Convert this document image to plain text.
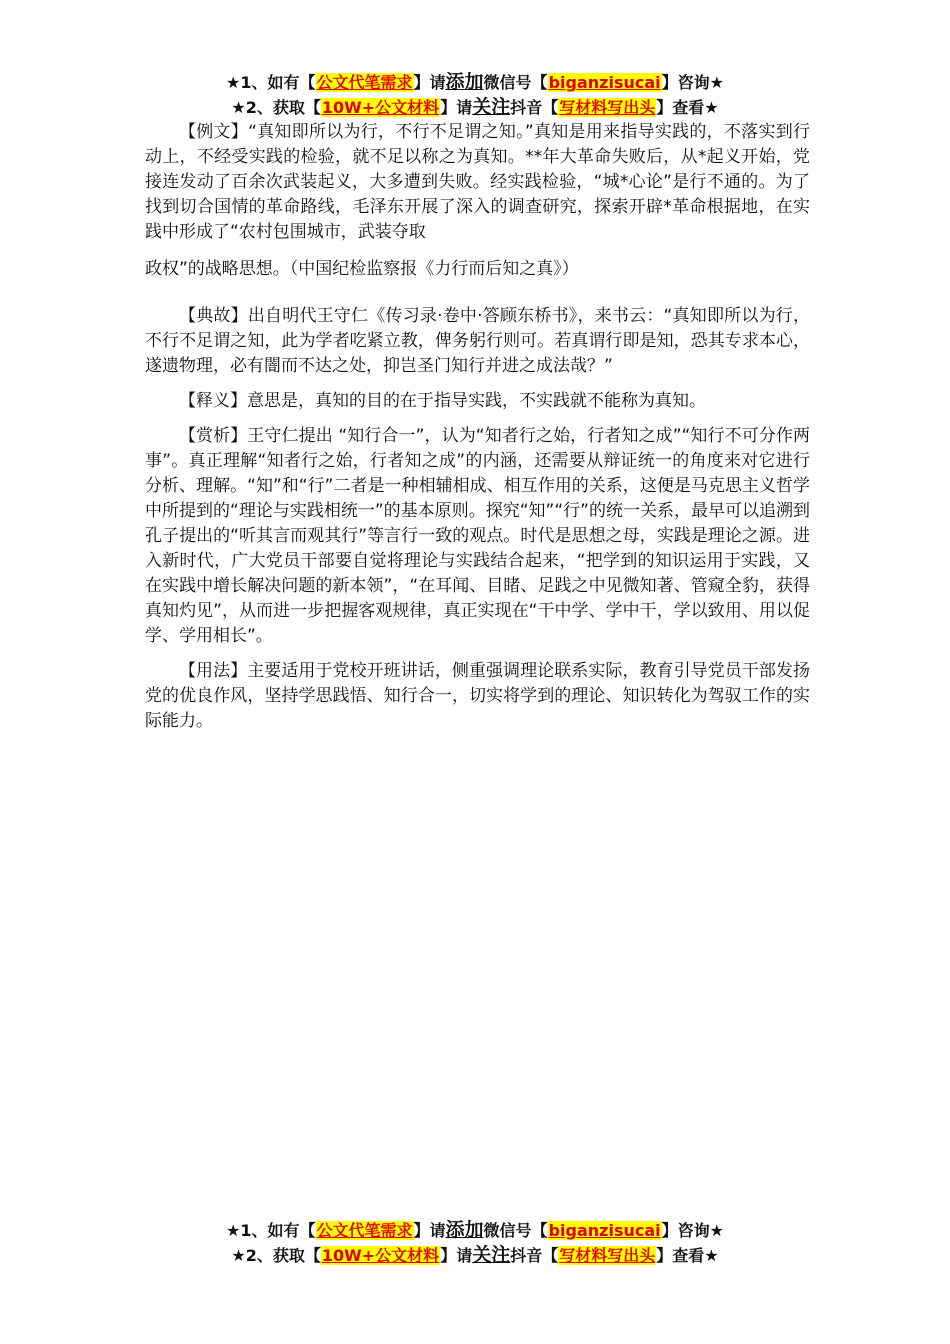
★1、如有【公文代笔需求】请添加微信号【biganzisucai】咨询★
★2、获取【10W+公文材料】请关注抖音【写材料写出头】查看★

【例文】“真知即所以为行，不行不足谓之知。”真知是用来指导实践的，不落实到行动上，不经受实践的检验，就不足以称之为真知。**年大革命失败后，从*起义开始，党接连发动了百余次武装起义，大多遭到失败。经实践检验，“城*心论”是行不通的。为了找到切合国情的革命路线，毛泽东开展了深入的调查研究，探索开辟*革命根据地，在实践中形成了“农村包围城市，武装夺取

政权”的战略思想。（中国纪检监察报《力行而后知之真》）

【典故】出自明代王守仁《传习录·卷中·答顾东桥书》，来书云：“真知即所以为行，不行不足谓之知，此为学者吃紧立教，俾务躬行则可。若真谓行即是知，恐其专求本心，遂遗物理，必有闇而不达之处，抑岂圣门知行并进之成法哉？”

【释义】意思是，真知的目的在于指导实践，不实践就不能称为真知。

【赏析】王守仁提出 “知行合一”，认为“知者行之始，行者知之成”“知行不可分作两事”。真正理解“知者行之始，行者知之成”的内涵，还需要从辩证统一的角度来对它进行分析、理解。“知”和“行”二者是一种相辅相成、相互作用的关系，这便是马克思主义哲学中所提到的“理论与实践相统一”的基本原则。探究“知”“行”的统一关系，最早可以追溯到孔子提出的“听其言而观其行”等言行一致的观点。时代是思想之母，实践是理论之源。进入新时代，广大党员干部要自觉将理论与实践结合起来，“把学到的知识运用于实践，又在实践中增长解决问题的新本领”，“在耳闻、目睹、足践之中见微知著、管窥全豹，获得真知灼见”，从而进一步把握客观规律，真正实现在“干中学、学中干，学以致用、用以促学、学用相长”。

【用法】主要适用于党校开班讲话，侧重强调理论联系实际，教育引导党员干部发扬党的优良作风，坚持学思践悟、知行合一，切实将学到的理论、知识转化为驾驭工作的实际能力。

★1、如有【公文代笔需求】请添加微信号【biganzisucai】咨询★
★2、获取【10W+公文材料】请关注抖音【写材料写出头】查看★
